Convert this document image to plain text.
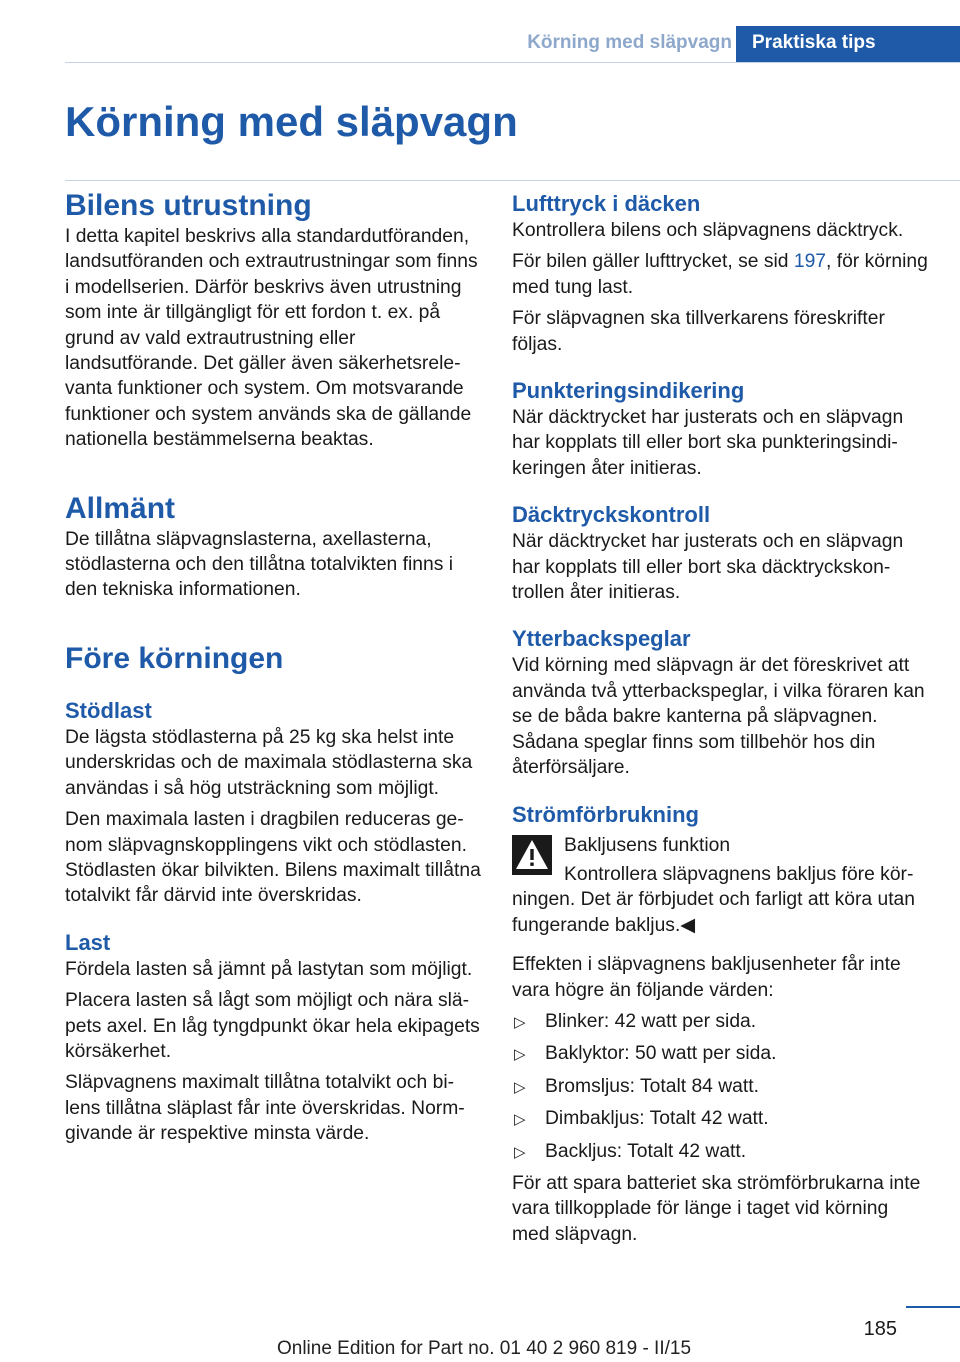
Körning med släpvagn	Praktiska tips
Körning med släpvagn
Bilens utrustning

I detta kapitel beskrivs alla standardutföranden, landsutföranden och extrautrustningar som finns i modellserien. Därför beskrivs även utrustning som inte är tillgängligt för ett fordon t. ex. på grund av vald extrautrustning eller landsutförande. Det gäller även säkerhetsrelevanta funktioner och system. Om motsvarande funktioner och system används ska de gällande nationella bestämmelserna beaktas.

Allmänt

De tillåtna släpvagnslasterna, axellasterna, stödlasterna och den tillåtna totalvikten finns i den tekniska informationen.

Före körningen
Stödlast

De lägsta stödlasterna på 25 kg ska helst inte underskridas och de maximala stödlasterna ska användas i så hög utsträckning som möjligt.

Den maximala lasten i dragbilen reduceras genom släpvagnskopplingens vikt och stödlasten. Stödlasten ökar bilvikten. Bilens maximalt tillåtna totalvikt får därvid inte överskridas.

Last

Fördela lasten så jämnt på lastytan som möjligt.

Placera lasten så lågt som möjligt och nära släpets axel. En låg tyngdpunkt ökar hela ekipagets körsäkerhet.

Släpvagnens maximalt tillåtna totalvikt och bilens tillåtna släplast får inte överskridas. Normgivande är respektive minsta värde.

Lufttryck i däcken

Kontrollera bilens och släpvagnens däcktryck.

För bilen gäller lufttrycket, se sid 197, för körning med tung last.

För släpvagnen ska tillverkarens föreskrifter följas.

Punkteringsindikering

När däcktrycket har justerats och en släpvagn har kopplats till eller bort ska punkteringsindikeringen åter initieras.

Däcktryckskontroll

När däcktrycket har justerats och en släpvagn har kopplats till eller bort ska däcktryckskontrollen åter initieras.

Ytterbackspeglar

Vid körning med släpvagn är det föreskrivet att använda två ytterbackspeglar, i vilka föraren kan se de båda bakre kanterna på släpvagnen. Sådana speglar finns som tillbehör hos din återförsäljare.

Strömförbrukning
Bakljusens funktion
Kontrollera släpvagnens bakljus före körningen. Det är förbjudet och farligt att köra utan fungerande bakljus.◀

Effekten i släpvagnens bakljusenheter får inte vara högre än följande värden:

▷ Blinker: 42 watt per sida.
▷ Baklyktor: 50 watt per sida.
▷ Bromsljus: Totalt 84 watt.
▷ Dimbakljus: Totalt 42 watt.
▷ Backljus: Totalt 42 watt.

För att spara batteriet ska strömförbrukarna inte vara tillkopplade för länge i taget vid körning med släpvagn.

185
Online Edition for Part no. 01 40 2 960 819 - II/15
